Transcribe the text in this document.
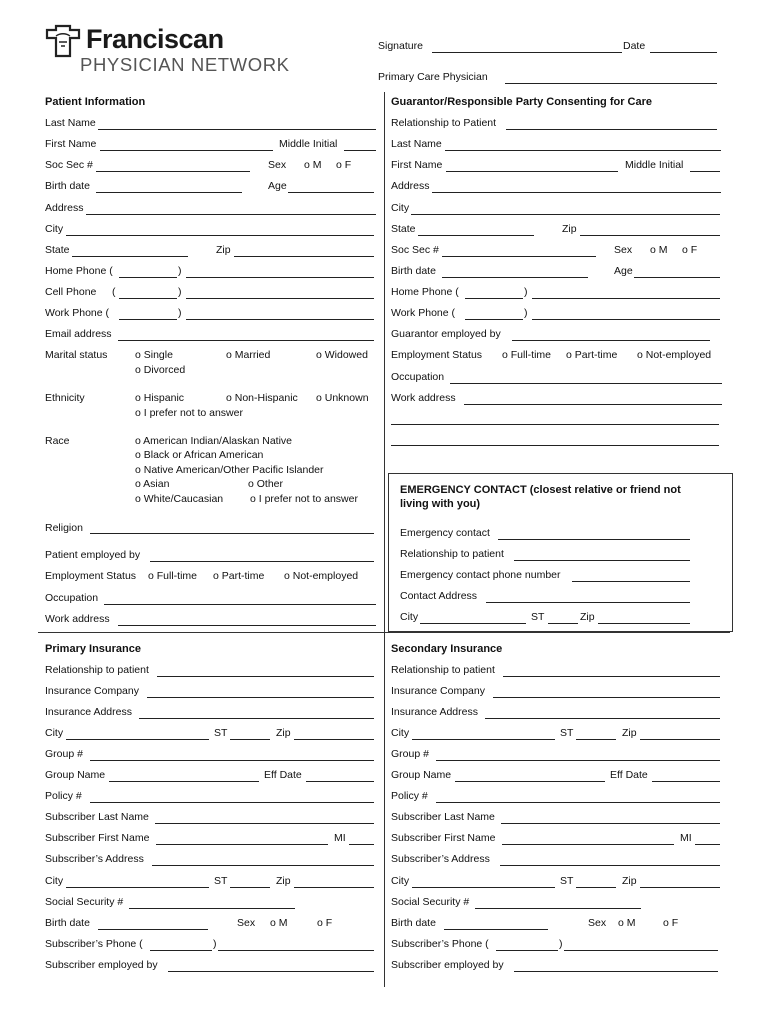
Franciscan
PHYSICIAN NETWORK
Signature	Date
Primary Care Physician
Patient Information
Last Name
First Name	Middle Initial
Soc Sec #	Sex o M o F
Birth date	Age
Address
City
State	Zip
Home Phone (	)
Cell Phone (	)
Work Phone (	)
Email address
Marital status	o Single	o Married	o Widowed
o Divorced
Ethnicity	o Hispanic	o Non-Hispanic o Unknown
o I prefer not to answer
Race	o American Indian/Alaskan Native
o Black or African American
o Native American/Other Pacific Islander
o Asian	o Other
o White/Caucasian	o I prefer not to answer
Religion
Patient employed by
Employment Status o Full-time o Part-time o Not-employed
Occupation
Work address
Guarantor/Responsible Party Consenting for Care
Relationship to Patient
Last Name
First Name	Middle Initial
Address
City
State	Zip
Soc Sec #	Sex o M o F
Birth date	Age
Home Phone (	)
Work Phone (	)
Guarantor employed by
Employment Status o Full-time o Part-time o Not-employed
Occupation
Work address
EMERGENCY CONTACT (closest relative or friend not living with you)
Emergency contact
Relationship to patient
Emergency contact phone number
Contact Address
City	ST	Zip
Primary Insurance
Relationship to patient
Insurance Company
Insurance Address
City	ST	Zip
Group #
Group Name	Eff Date
Policy #
Subscriber Last Name
Subscriber First Name	MI
Subscriber’s Address
City	ST	Zip
Social Security #
Birth date	Sex o M	o F
Subscriber’s Phone (	)
Subscriber employed by
Secondary Insurance
Relationship to patient
Insurance Company
Insurance Address
City	ST	Zip
Group #
Group Name	Eff Date
Policy #
Subscriber Last Name
Subscriber First Name	MI
Subscriber’s Address
City	ST	Zip
Social Security #
Birth date	Sex o M	o F
Subscriber’s Phone (	)
Subscriber employed by
